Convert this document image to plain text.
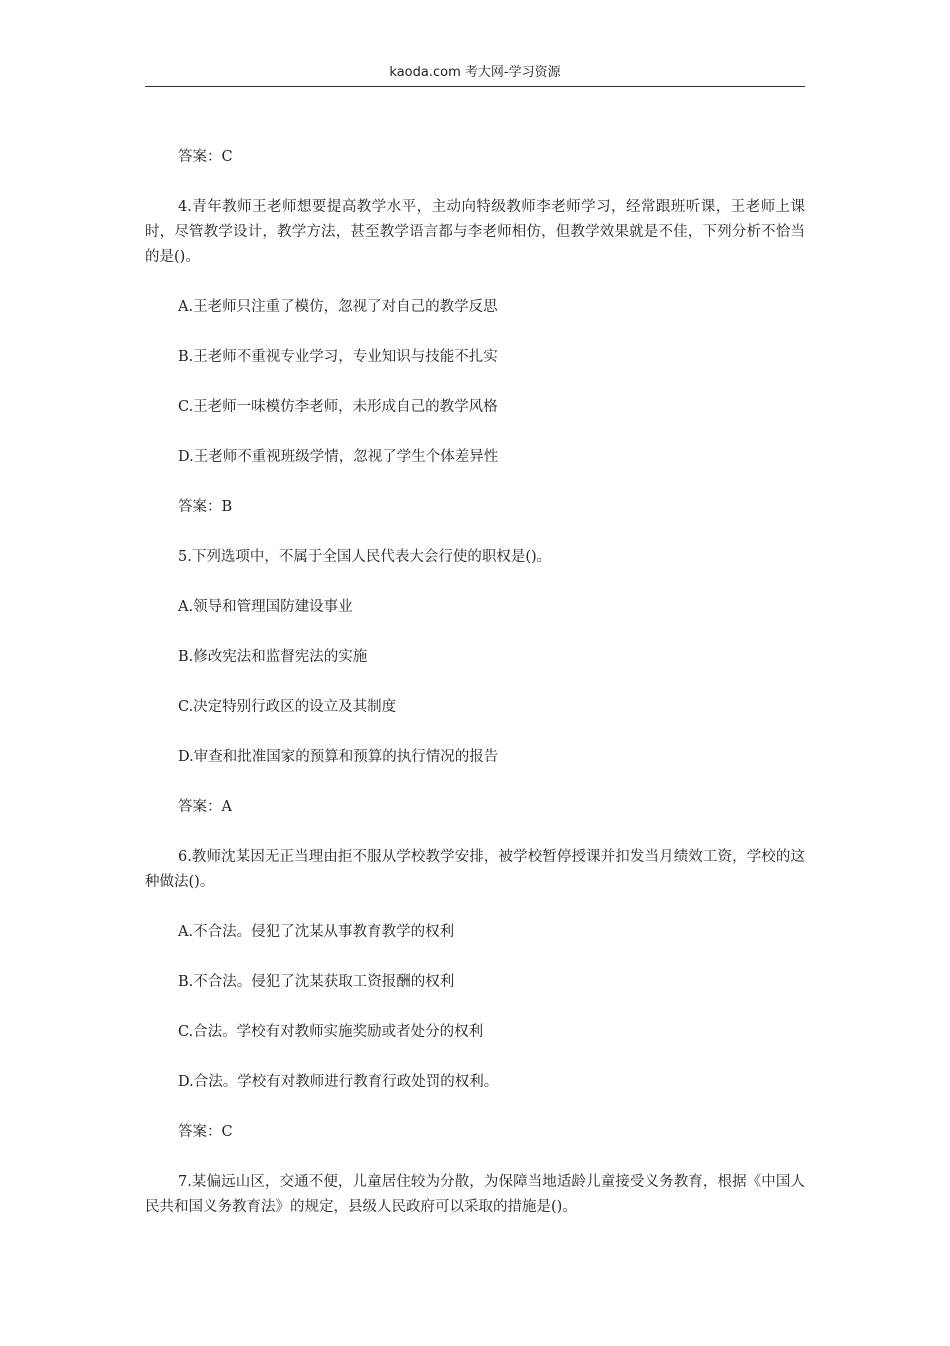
kaoda.com 考大网-学习资源

答案：C

4.青年教师王老师想要提高教学水平，主动向特级教师李老师学习，经常跟班听课，王老师上课时，尽管教学设计，教学方法，甚至教学语言都与李老师相仿，但教学效果就是不佳，下列分析不恰当的是()。

A.王老师只注重了模仿，忽视了对自己的教学反思

B.王老师不重视专业学习，专业知识与技能不扎实

C.王老师一味模仿李老师，未形成自己的教学风格

D.王老师不重视班级学情，忽视了学生个体差异性

答案：B

5.下列选项中，不属于全国人民代表大会行使的职权是()。

A.领导和管理国防建设事业

B.修改宪法和监督宪法的实施

C.决定特别行政区的设立及其制度

D.审查和批准国家的预算和预算的执行情况的报告

答案：A

6.教师沈某因无正当理由拒不服从学校教学安排，被学校暂停授课并扣发当月绩效工资，学校的这种做法()。

A.不合法。侵犯了沈某从事教育教学的权利

B.不合法。侵犯了沈某获取工资报酬的权利

C.合法。学校有对教师实施奖励或者处分的权利

D.合法。学校有对教师进行教育行政处罚的权利。

答案：C

7.某偏远山区，交通不便，儿童居住较为分散，为保障当地适龄儿童接受义务教育，根据《中国人民共和国义务教育法》的规定，县级人民政府可以采取的措施是()。
